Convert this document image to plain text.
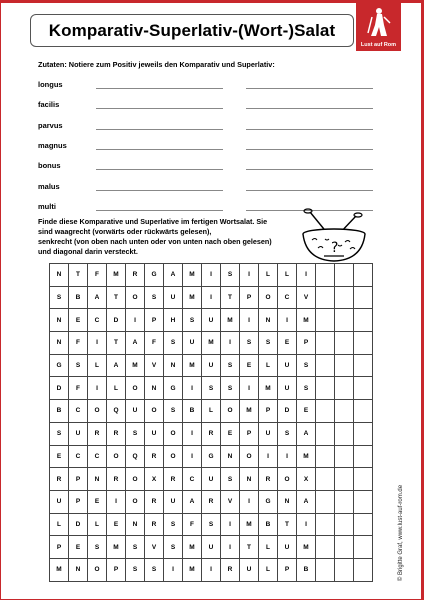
Komparativ-Superlativ-(Wort-)Salat
Lust auf Rom
Zutaten: Notiere zum Positiv jeweils den Komparativ und Superlativ:
longus
facilis
parvus
magnus
bonus
malus
multi
Finde diese Komparative und Superlative im fertigen Wortsalat. Sie
sind waagrecht (vorwärts oder rückwärts gelesen),
senkrecht (von oben nach unten oder von unten nach oben gelesen)
und diagonal darin versteckt.	?
N	T	F	M	R	G	A	M	I	S	I	L	L	I
S	B	A	T	O	S	U	M	I	T	P	O	C	V
N	E	C	D	I	P	H	S	U	M	I	N	I	M
N	F	I	T	A	F	S	U	M	I	S	S	E	P
G	S	L	A	M	V	N	M	U	S	E	L	U	S
D	F	I	L	O	N	G	I	S	S	I	M	U	S
B	C	O	Q	U	O	S	B	L	O	M	P	D	E
S	U	R	R	S	U	O	I	R	E	P	U	S	A
E	C	C	O	Q	R	O	I	G	N	O	I	I	M
R	P	N	R	O	X	R	C	U	S	N	R	O	X
U	P	E	I	O	R	U	A	R	V	I	G	N	A
L	D	L	E	N	R	S	F	S	I	M	B	T	I
P	E	S	M	S	V	S	M	U	I	T	L	U	M
M	N	O	P	S	S	I	M	I	R	U	L	P	B	© Brigitte Graf, www.lust-auf-rom.de
